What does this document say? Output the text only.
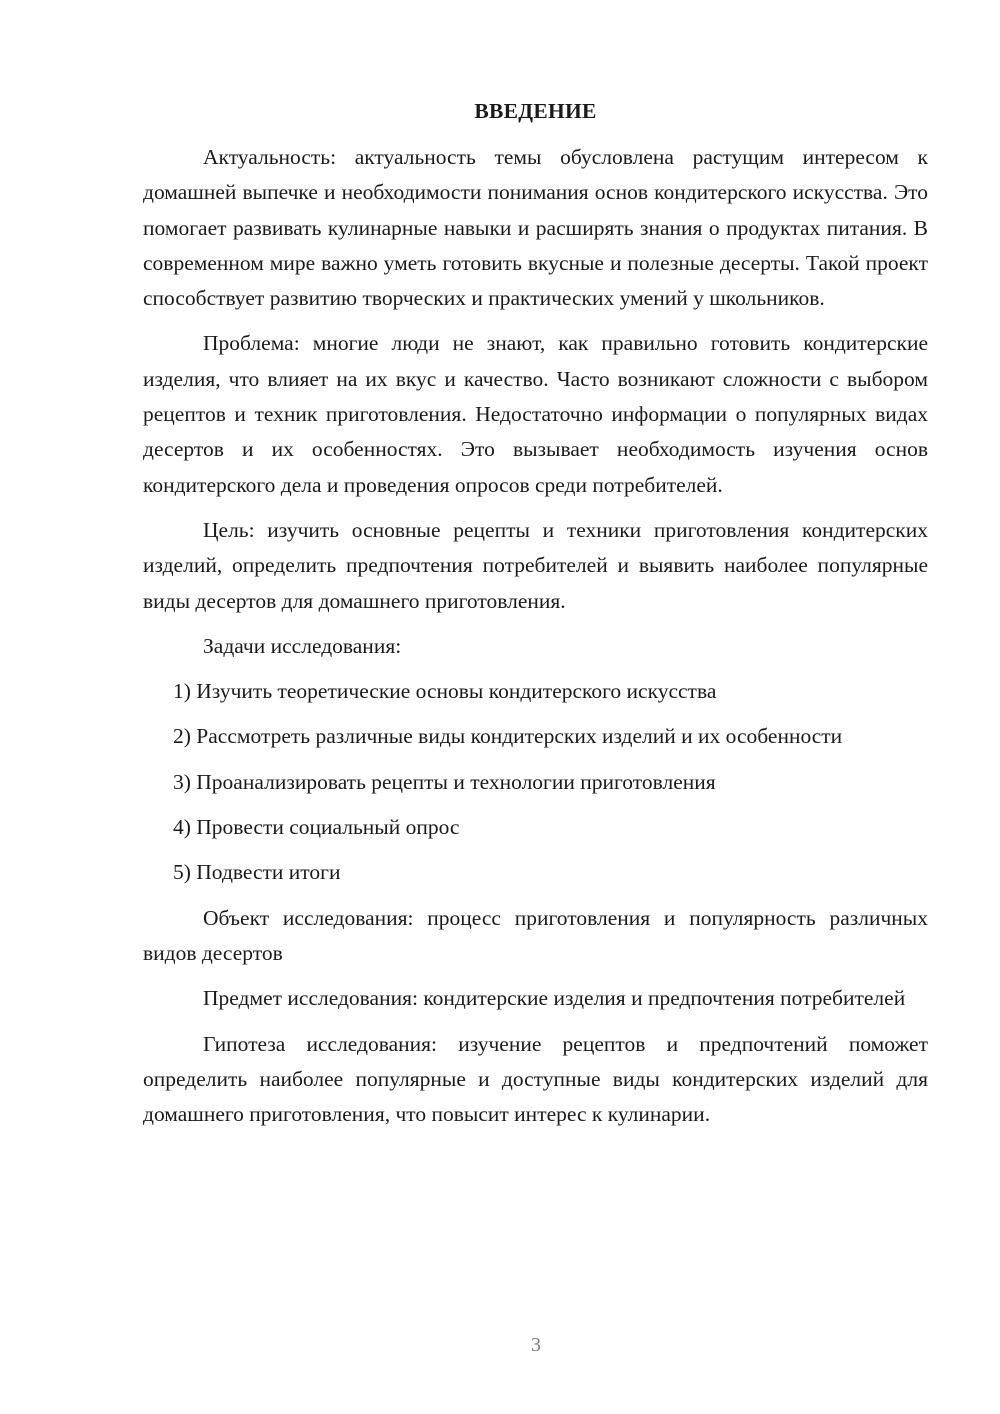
ВВЕДЕНИЕ

Актуальность: актуальность темы обусловлена растущим интересом к домашней выпечке и необходимости понимания основ кондитерского искусства. Это помогает развивать кулинарные навыки и расширять знания о продуктах питания. В современном мире важно уметь готовить вкусные и полезные десерты. Такой проект способствует развитию творческих и практических умений у школьников.

Проблема: многие люди не знают, как правильно готовить кондитерские изделия, что влияет на их вкус и качество. Часто возникают сложности с выбором рецептов и техник приготовления. Недостаточно информации о популярных видах десертов и их особенностях. Это вызывает необходимость изучения основ кондитерского дела и проведения опросов среди потребителей.

Цель: изучить основные рецепты и техники приготовления кондитерских изделий, определить предпочтения потребителей и выявить наиболее популярные виды десертов для домашнего приготовления.

Задачи исследования:

1) Изучить теоретические основы кондитерского искусства

2) Рассмотреть различные виды кондитерских изделий и их особенности

3) Проанализировать рецепты и технологии приготовления

4) Провести социальный опрос

5) Подвести итоги

Объект исследования: процесс приготовления и популярность различных видов десертов

Предмет исследования: кондитерские изделия и предпочтения потребителей

Гипотеза исследования: изучение рецептов и предпочтений поможет определить наиболее популярные и доступные виды кондитерских изделий для домашнего приготовления, что повысит интерес к кулинарии.

3
